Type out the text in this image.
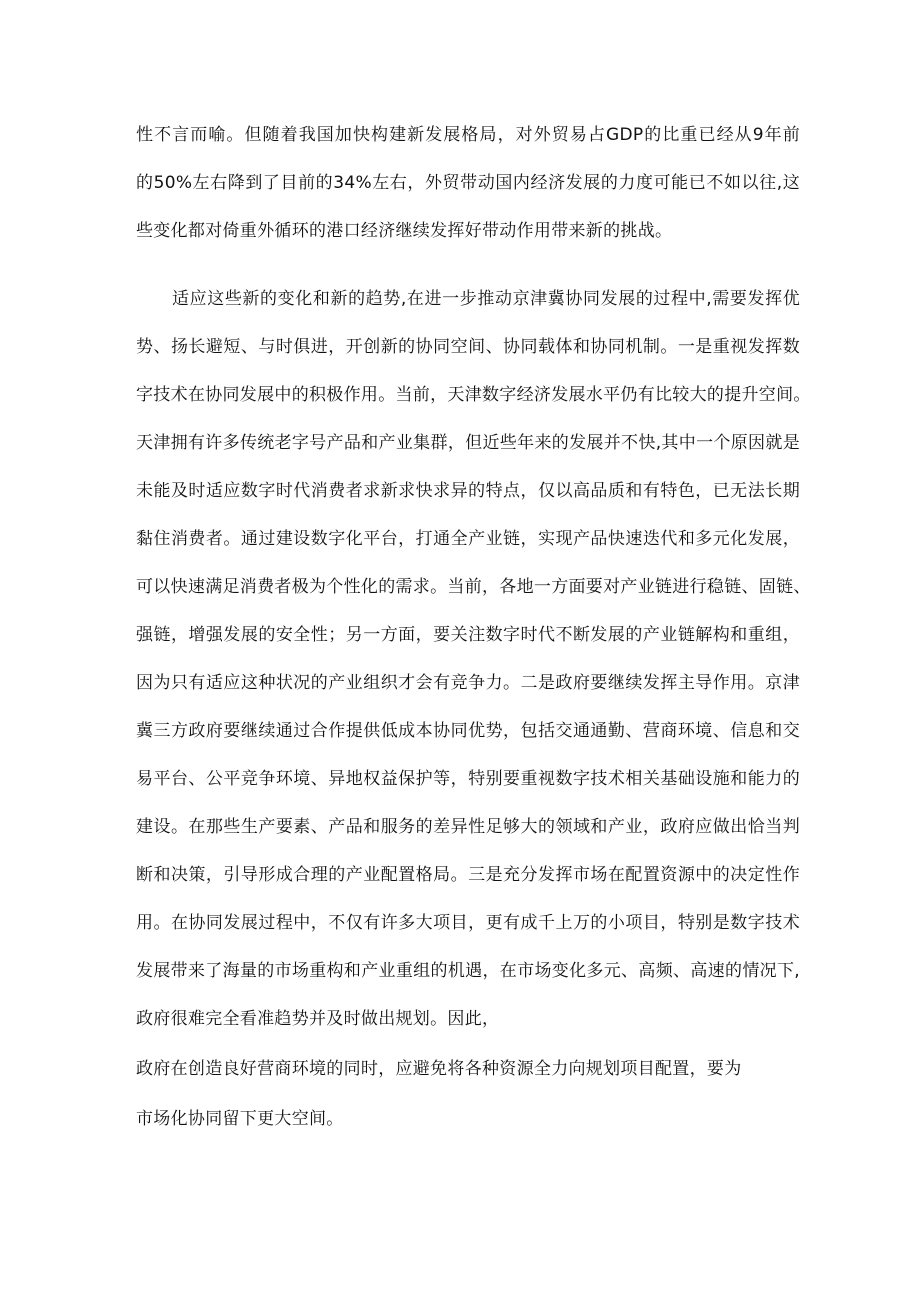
性不言而喻。但随着我国加快构建新发展格局，对外贸易占GDP的比重已经从9年前
的50%左右降到了目前的34%左右，外贸带动国内经济发展的力度可能已不如以往,这
些变化都对倚重外循环的港口经济继续发挥好带动作用带来新的挑战。
适应这些新的变化和新的趋势,在进一步推动京津冀协同发展的过程中,需要发挥优
势、扬长避短、与时俱进，开创新的协同空间、协同载体和协同机制。一是重视发挥数
字技术在协同发展中的积极作用。当前，天津数字经济发展水平仍有比较大的提升空间。
天津拥有许多传统老字号产品和产业集群，但近些年来的发展并不快,其中一个原因就是
未能及时适应数字时代消费者求新求快求异的特点，仅以高品质和有特色，已无法长期
黏住消费者。通过建设数字化平台，打通全产业链，实现产品快速迭代和多元化发展，
可以快速满足消费者极为个性化的需求。当前，各地一方面要对产业链进行稳链、固链、
强链，增强发展的安全性；另一方面，要关注数字时代不断发展的产业链解构和重组，
因为只有适应这种状况的产业组织才会有竞争力。二是政府要继续发挥主导作用。京津
冀三方政府要继续通过合作提供低成本协同优势，包括交通通勤、营商环境、信息和交
易平台、公平竞争环境、异地权益保护等，特别要重视数字技术相关基础设施和能力的
建设。在那些生产要素、产品和服务的差异性足够大的领域和产业，政府应做出恰当判
断和决策，引导形成合理的产业配置格局。三是充分发挥市场在配置资源中的决定性作
用。在协同发展过程中，不仅有许多大项目，更有成千上万的小项目，特别是数字技术
发展带来了海量的市场重构和产业重组的机遇，在市场变化多元、高频、高速的情况下,
政府很难完全看准趋势并及时做出规划。因此，
政府在创造良好营商环境的同时，应避免将各种资源全力向规划项目配置，要为
市场化协同留下更大空间。
